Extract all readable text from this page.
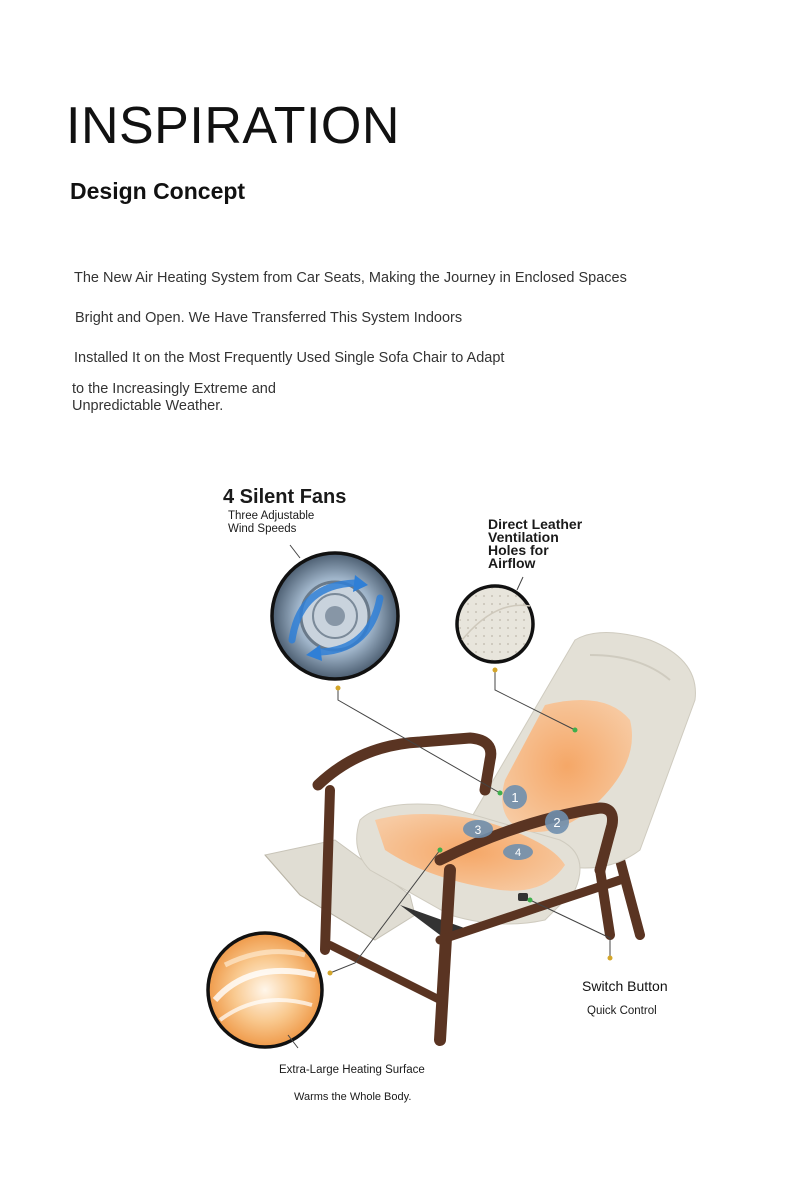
INSPIRATION
Design Concept
The New Air Heating System from Car Seats, Making the Journey in Enclosed Spaces
Bright and Open. We Have Transferred This System Indoors
Installed It on the Most Frequently Used Single Sofa Chair to Adapt
to the Increasingly Extreme and
Unpredictable Weather.
1
2
3
4
4 Silent Fans
Three Adjustable
Wind Speeds	Direct Leather
Ventilation
Holes for
Airflow
Switch Button
Quick Control
Extra-Large Heating Surface
Warms the Whole Body.
